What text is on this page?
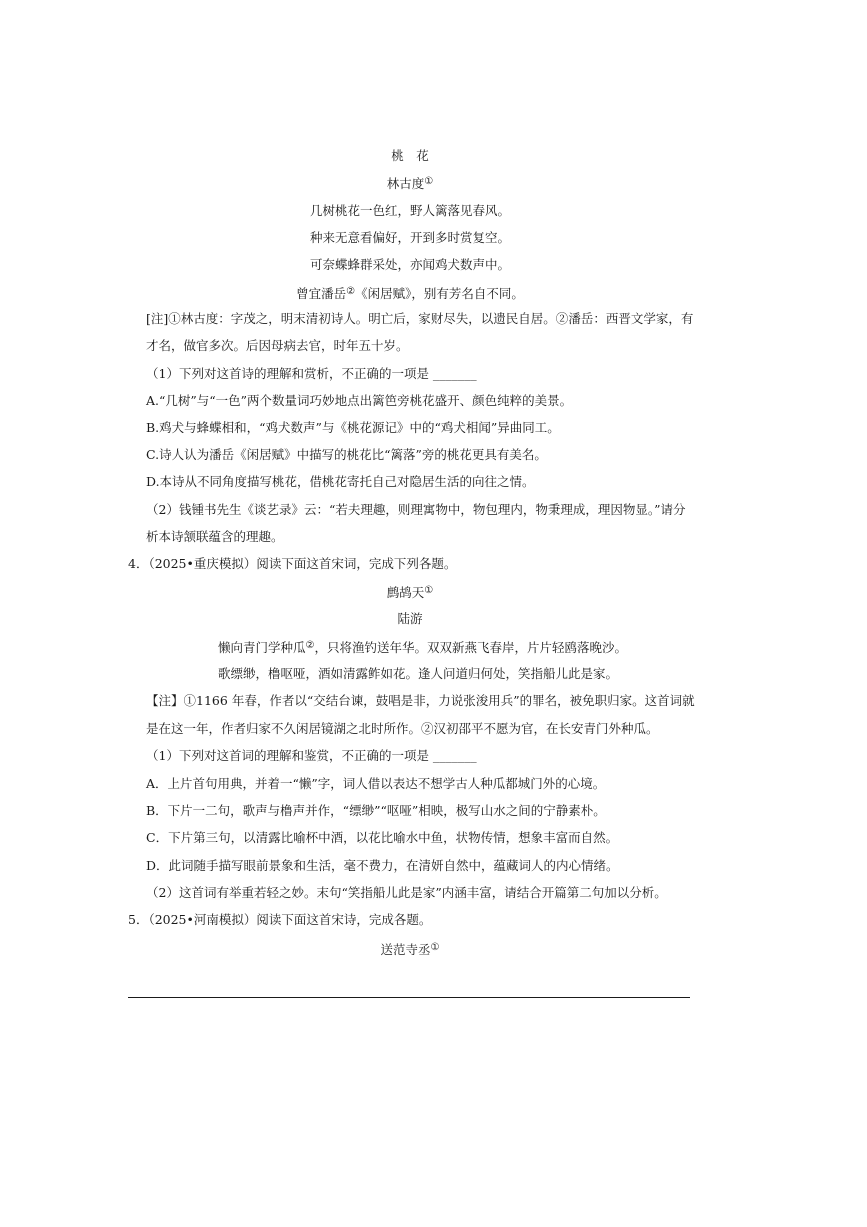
桃　花
林古度①
几树桃花一色红，野人篱落见春风。
种来无意看偏好，开到多时赏复空。
可奈蝶蜂群采处，亦闻鸡犬数声中。
曾宜潘岳②《闲居赋》，别有芳名自不同。
[注]①林古度：字茂之，明末清初诗人。明亡后，家财尽失，以遗民自居。②潘岳：西晋文学家，有
才名，做官多次。后因母病去官，时年五十岁。
（1）下列对这首诗的理解和赏析，不正确的一项是 _______
A.“几树”与“一色”两个数量词巧妙地点出篱笆旁桃花盛开、颜色纯粹的美景。
B.鸡犬与蜂蝶相和，“鸡犬数声”与《桃花源记》中的“鸡犬相闻”异曲同工。
C.诗人认为潘岳《闲居赋》中描写的桃花比“篱落”旁的桃花更具有美名。
D.本诗从不同角度描写桃花，借桃花寄托自己对隐居生活的向往之情。
（2）钱锺书先生《谈艺录》云：“若夫理趣，则理寓物中，物包理内，物秉理成，理因物显。”请分
析本诗颔联蕴含的理趣。
4．（2025•重庆模拟）阅读下面这首宋词，完成下列各题。
鹧鸪天①
陆游
懒向青门学种瓜②，只将渔钓送年华。双双新燕飞春岸，片片轻鸥落晚沙。
歌缥缈，橹呕哑，酒如清露鲊如花。逢人问道归何处，笑指船儿此是家。
【注】①1166 年春，作者以“交结台谏，鼓唱是非，力说张浚用兵”的罪名，被免职归家。这首词就
是在这一年，作者归家不久闲居镜湖之北时所作。②汉初邵平不愿为官，在长安青门外种瓜。
（1）下列对这首词的理解和鉴赏，不正确的一项是 _______
A．上片首句用典，并着一“懒”字，词人借以表达不想学古人种瓜都城门外的心境。
B．下片一二句，歌声与橹声并作，“缥缈”“呕哑”相映，极写山水之间的宁静素朴。
C．下片第三句，以清露比喻杯中酒，以花比喻水中鱼，状物传情，想象丰富而自然。
D．此词随手描写眼前景象和生活，毫不费力，在清妍自然中，蕴藏词人的内心情绪。
（2）这首词有举重若轻之妙。末句“笑指船儿此是家”内涵丰富，请结合开篇第二句加以分析。
5．（2025•河南模拟）阅读下面这首宋诗，完成各题。
送范寺丞①
